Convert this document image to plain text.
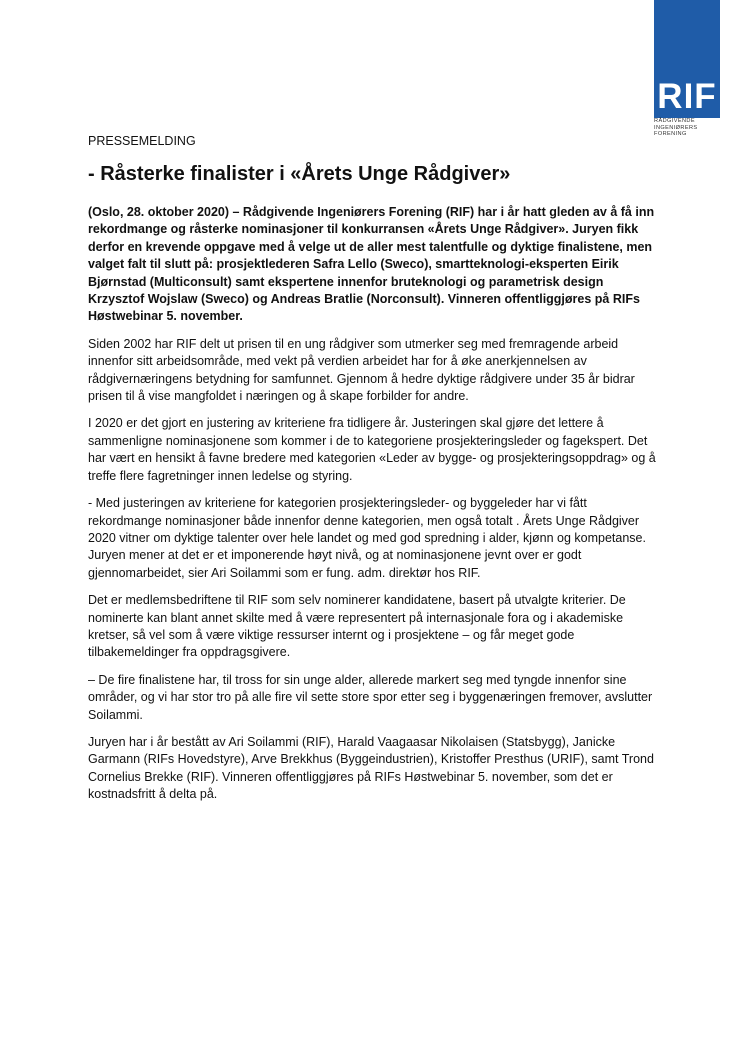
RIF
RÅDGIVENDE
INGENIØRERS
FORENING
PRESSEMELDING
- Råsterke finalister i «Årets Unge Rådgiver»

(Oslo, 28. oktober 2020) – Rådgivende Ingeniørers Forening (RIF) har i år hatt gleden av å få inn rekordmange og råsterke nominasjoner til konkurransen «Årets Unge Rådgiver». Juryen fikk derfor en krevende oppgave med å velge ut de aller mest talentfulle og dyktige finalistene, men valget falt til slutt på: prosjektlederen Safra Lello (Sweco), smartteknologi-eksperten Eirik Bjørnstad (Multiconsult) samt ekspertene innenfor bruteknologi og parametrisk design Krzysztof Wojslaw (Sweco) og Andreas Bratlie (Norconsult). Vinneren offentliggjøres på RIFs Høstwebinar 5. november.

Siden 2002 har RIF delt ut prisen til en ung rådgiver som utmerker seg med fremragende arbeid innenfor sitt arbeidsområde, med vekt på verdien arbeidet har for å øke anerkjennelsen av rådgivernæringens betydning for samfunnet. Gjennom å hedre dyktige rådgivere under 35 år bidrar prisen til å vise mangfoldet i næringen og å skape forbilder for andre.

I 2020 er det gjort en justering av kriteriene fra tidligere år. Justeringen skal gjøre det lettere å sammenligne nominasjonene som kommer i de to kategoriene prosjekteringsleder og fagekspert. Det har vært en hensikt å favne bredere med kategorien «Leder av bygge- og prosjekteringsoppdrag» og å treffe flere fagretninger innen ledelse og styring.

- Med justeringen av kriteriene for kategorien prosjekteringsleder- og byggeleder har vi fått rekordmange nominasjoner både innenfor denne kategorien, men også totalt . Årets Unge Rådgiver 2020 vitner om dyktige talenter over hele landet og med god spredning i alder, kjønn og kompetanse. Juryen mener at det er et imponerende høyt nivå, og at nominasjonene jevnt over er godt gjennomarbeidet, sier Ari Soilammi som er fung. adm. direktør hos RIF.

Det er medlemsbedriftene til RIF som selv nominerer kandidatene, basert på utvalgte kriterier. De nominerte kan blant annet skilte med å være representert på internasjonale fora og i akademiske kretser, så vel som å være viktige ressurser internt og i prosjektene – og får meget gode tilbakemeldinger fra oppdragsgivere.

– De fire finalistene har, til tross for sin unge alder, allerede markert seg med tyngde innenfor sine områder, og vi har stor tro på alle fire vil sette store spor etter seg i byggenæringen fremover, avslutter Soilammi.

Juryen har i år bestått av Ari Soilammi (RIF), Harald Vaagaasar Nikolaisen (Statsbygg), Janicke Garmann (RIFs Hovedstyre), Arve Brekkhus (Byggeindustrien), Kristoffer Presthus (URIF), samt Trond Cornelius Brekke (RIF). Vinneren offentliggjøres på RIFs Høstwebinar 5. november, som det er kostnadsfritt å delta på.
